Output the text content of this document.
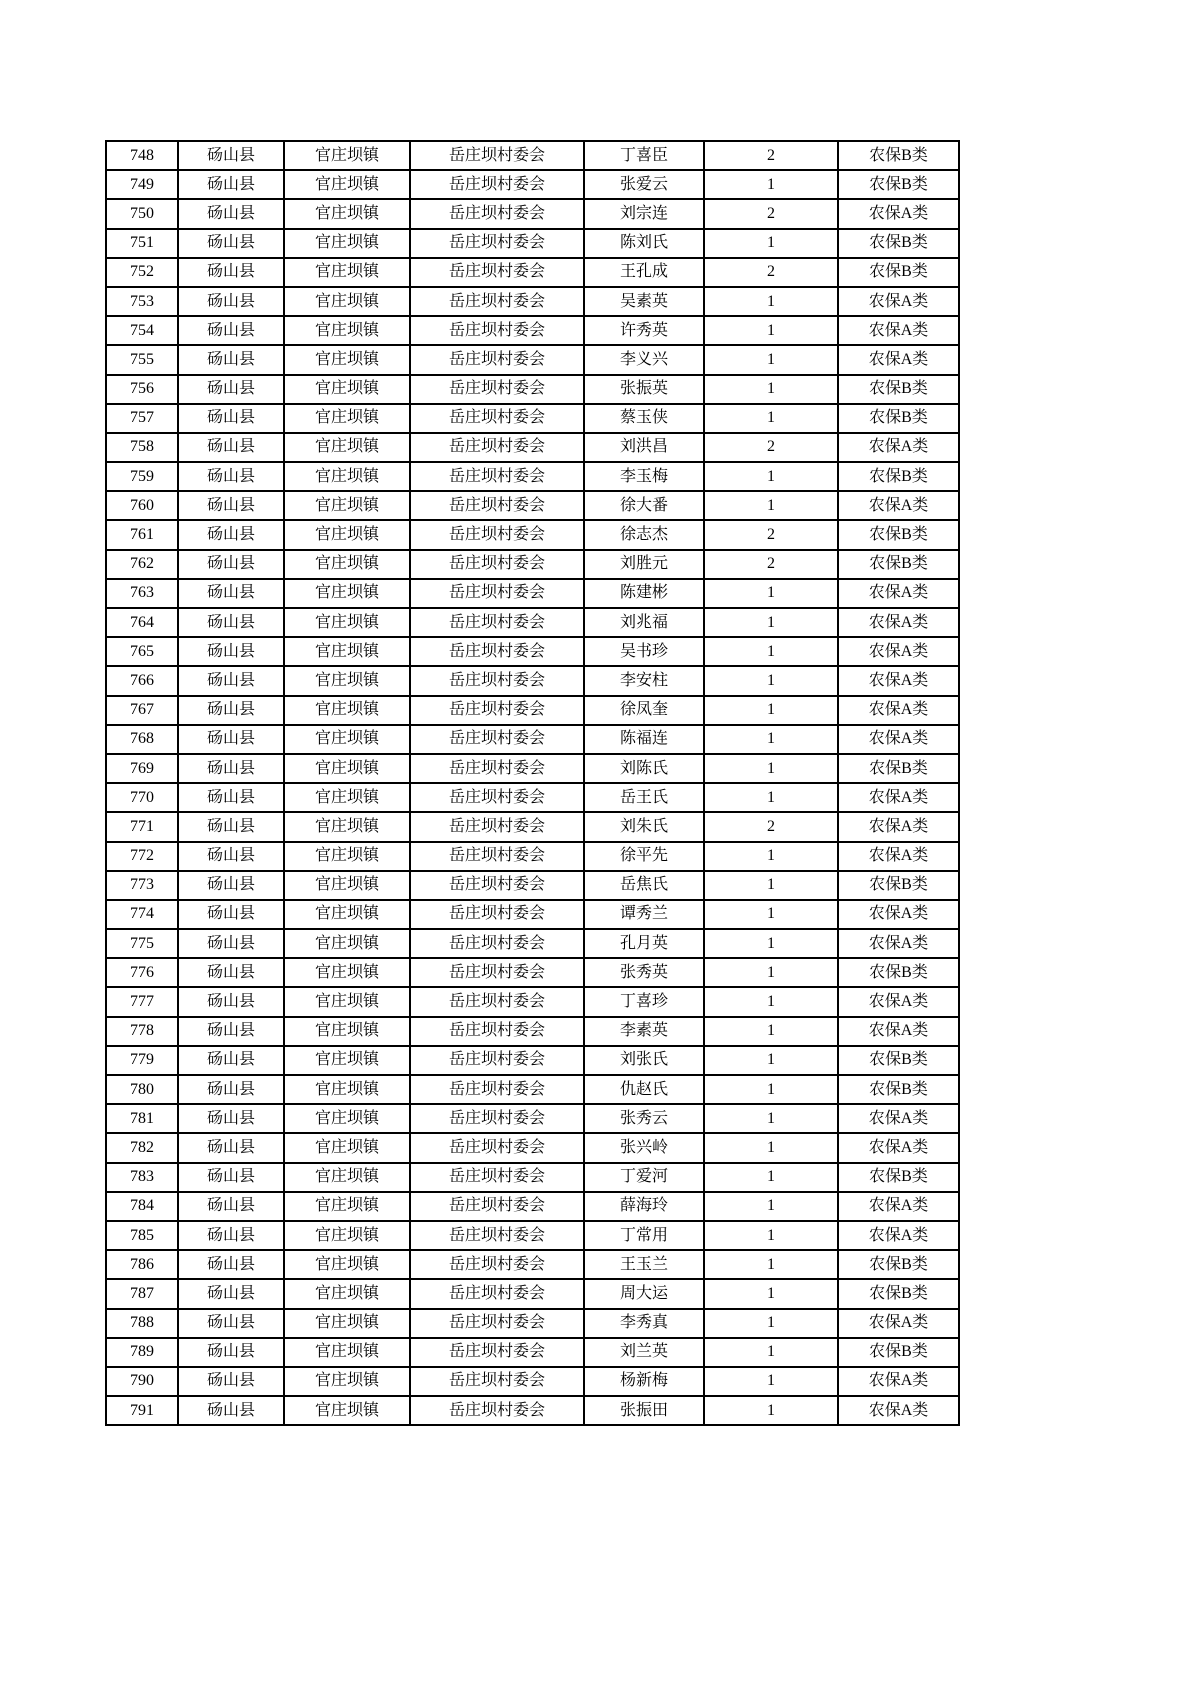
748	砀山县	官庄坝镇	岳庄坝村委会	丁喜臣	2	农保B类
749	砀山县	官庄坝镇	岳庄坝村委会	张爱云	1	农保B类
750	砀山县	官庄坝镇	岳庄坝村委会	刘宗连	2	农保A类
751	砀山县	官庄坝镇	岳庄坝村委会	陈刘氏	1	农保B类
752	砀山县	官庄坝镇	岳庄坝村委会	王孔成	2	农保B类
753	砀山县	官庄坝镇	岳庄坝村委会	吴素英	1	农保A类
754	砀山县	官庄坝镇	岳庄坝村委会	许秀英	1	农保A类
755	砀山县	官庄坝镇	岳庄坝村委会	李义兴	1	农保A类
756	砀山县	官庄坝镇	岳庄坝村委会	张振英	1	农保B类
757	砀山县	官庄坝镇	岳庄坝村委会	蔡玉侠	1	农保B类
758	砀山县	官庄坝镇	岳庄坝村委会	刘洪昌	2	农保A类
759	砀山县	官庄坝镇	岳庄坝村委会	李玉梅	1	农保B类
760	砀山县	官庄坝镇	岳庄坝村委会	徐大番	1	农保A类
761	砀山县	官庄坝镇	岳庄坝村委会	徐志杰	2	农保B类
762	砀山县	官庄坝镇	岳庄坝村委会	刘胜元	2	农保B类
763	砀山县	官庄坝镇	岳庄坝村委会	陈建彬	1	农保A类
764	砀山县	官庄坝镇	岳庄坝村委会	刘兆福	1	农保A类
765	砀山县	官庄坝镇	岳庄坝村委会	吴书珍	1	农保A类
766	砀山县	官庄坝镇	岳庄坝村委会	李安柱	1	农保A类
767	砀山县	官庄坝镇	岳庄坝村委会	徐凤奎	1	农保A类
768	砀山县	官庄坝镇	岳庄坝村委会	陈福连	1	农保A类
769	砀山县	官庄坝镇	岳庄坝村委会	刘陈氏	1	农保B类
770	砀山县	官庄坝镇	岳庄坝村委会	岳王氏	1	农保A类
771	砀山县	官庄坝镇	岳庄坝村委会	刘朱氏	2	农保A类
772	砀山县	官庄坝镇	岳庄坝村委会	徐平先	1	农保A类
773	砀山县	官庄坝镇	岳庄坝村委会	岳焦氏	1	农保B类
774	砀山县	官庄坝镇	岳庄坝村委会	谭秀兰	1	农保A类
775	砀山县	官庄坝镇	岳庄坝村委会	孔月英	1	农保A类
776	砀山县	官庄坝镇	岳庄坝村委会	张秀英	1	农保B类
777	砀山县	官庄坝镇	岳庄坝村委会	丁喜珍	1	农保A类
778	砀山县	官庄坝镇	岳庄坝村委会	李素英	1	农保A类
779	砀山县	官庄坝镇	岳庄坝村委会	刘张氏	1	农保B类
780	砀山县	官庄坝镇	岳庄坝村委会	仇赵氏	1	农保B类
781	砀山县	官庄坝镇	岳庄坝村委会	张秀云	1	农保A类
782	砀山县	官庄坝镇	岳庄坝村委会	张兴岭	1	农保A类
783	砀山县	官庄坝镇	岳庄坝村委会	丁爱河	1	农保B类
784	砀山县	官庄坝镇	岳庄坝村委会	薛海玲	1	农保A类
785	砀山县	官庄坝镇	岳庄坝村委会	丁常用	1	农保A类
786	砀山县	官庄坝镇	岳庄坝村委会	王玉兰	1	农保B类
787	砀山县	官庄坝镇	岳庄坝村委会	周大运	1	农保B类
788	砀山县	官庄坝镇	岳庄坝村委会	李秀真	1	农保A类
789	砀山县	官庄坝镇	岳庄坝村委会	刘兰英	1	农保B类
790	砀山县	官庄坝镇	岳庄坝村委会	杨新梅	1	农保A类
791	砀山县	官庄坝镇	岳庄坝村委会	张振田	1	农保A类
